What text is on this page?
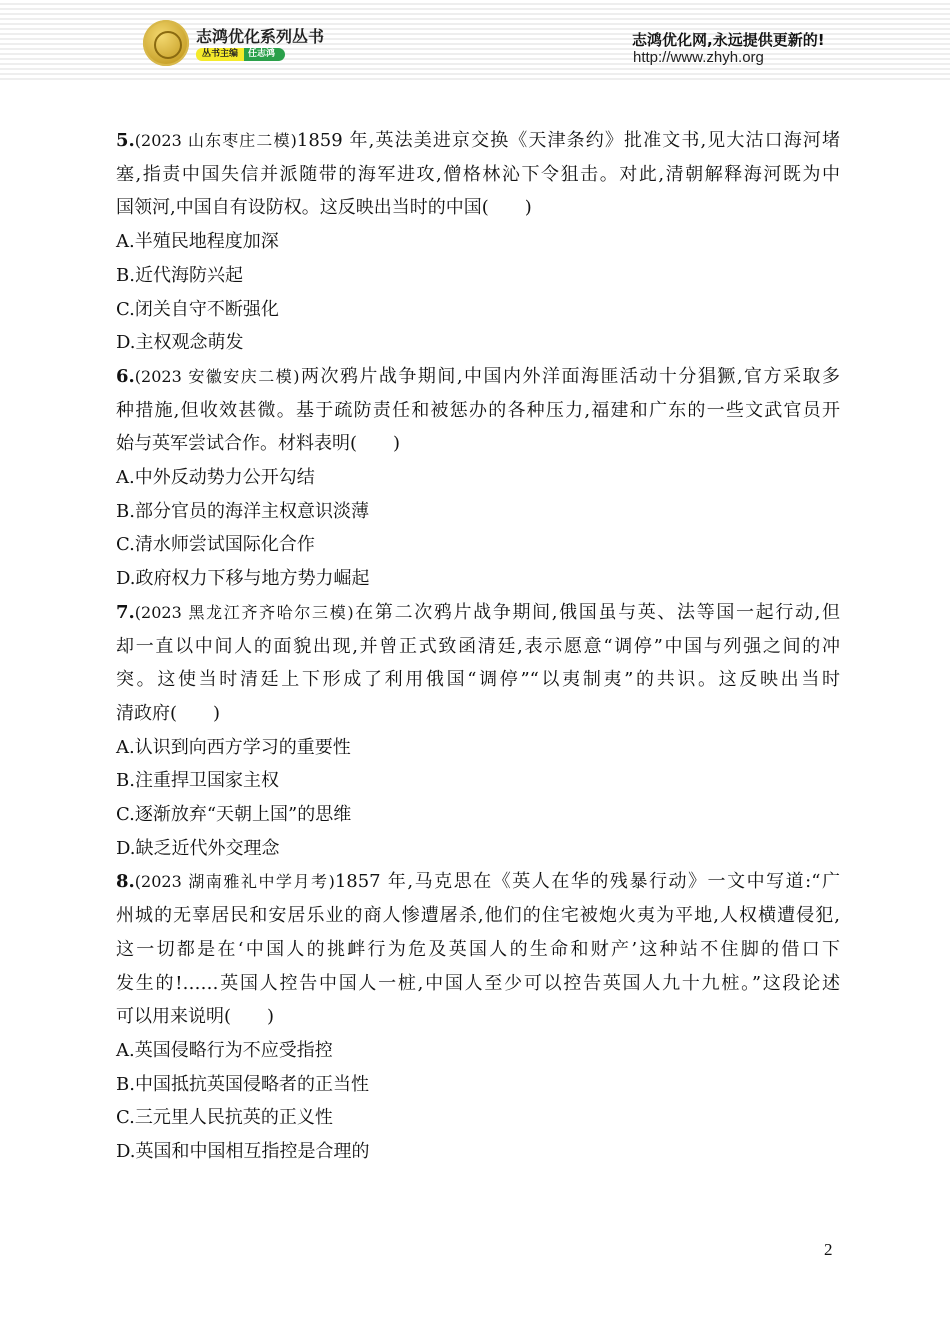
志鸿优化系列丛书
丛书主编	任志鸿
志鸿优化网,永远提供更新的!
http://www.zhyh.org
5.(2023 山东枣庄二模)1859 年,英法美进京交换《天津条约》批准文书,见大沽口海河堵
塞,指责中国失信并派随带的海军进攻,僧格林沁下令狙击。对此,清朝解释海河既为中
国领河,中国自有设防权。这反映出当时的中国(　　)
A.半殖民地程度加深
B.近代海防兴起
C.闭关自守不断强化
D.主权观念萌发
6.(2023 安徽安庆二模)两次鸦片战争期间,中国内外洋面海匪活动十分猖獗,官方采取多
种措施,但收效甚微。基于疏防责任和被惩办的各种压力,福建和广东的一些文武官员开
始与英军尝试合作。材料表明(　　)
A.中外反动势力公开勾结
B.部分官员的海洋主权意识淡薄
C.清水师尝试国际化合作
D.政府权力下移与地方势力崛起
7.(2023 黑龙江齐齐哈尔三模)在第二次鸦片战争期间,俄国虽与英、法等国一起行动,但
却一直以中间人的面貌出现,并曾正式致函清廷,表示愿意“调停”中国与列强之间的冲
突。这使当时清廷上下形成了利用俄国“调停”“以夷制夷”的共识。这反映出当时
清政府(　　)
A.认识到向西方学习的重要性
B.注重捍卫国家主权
C.逐渐放弃“天朝上国”的思维
D.缺乏近代外交理念
8.(2023 湖南雅礼中学月考)1857 年,马克思在《英人在华的残暴行动》一文中写道:“广
州城的无辜居民和安居乐业的商人惨遭屠杀,他们的住宅被炮火夷为平地,人权横遭侵犯,
这一切都是在‘中国人的挑衅行为危及英国人的生命和财产’这种站不住脚的借口下
发生的!……英国人控告中国人一桩,中国人至少可以控告英国人九十九桩。”这段论述
可以用来说明(　　)
A.英国侵略行为不应受指控
B.中国抵抗英国侵略者的正当性
C.三元里人民抗英的正义性
D.英国和中国相互指控是合理的
2
